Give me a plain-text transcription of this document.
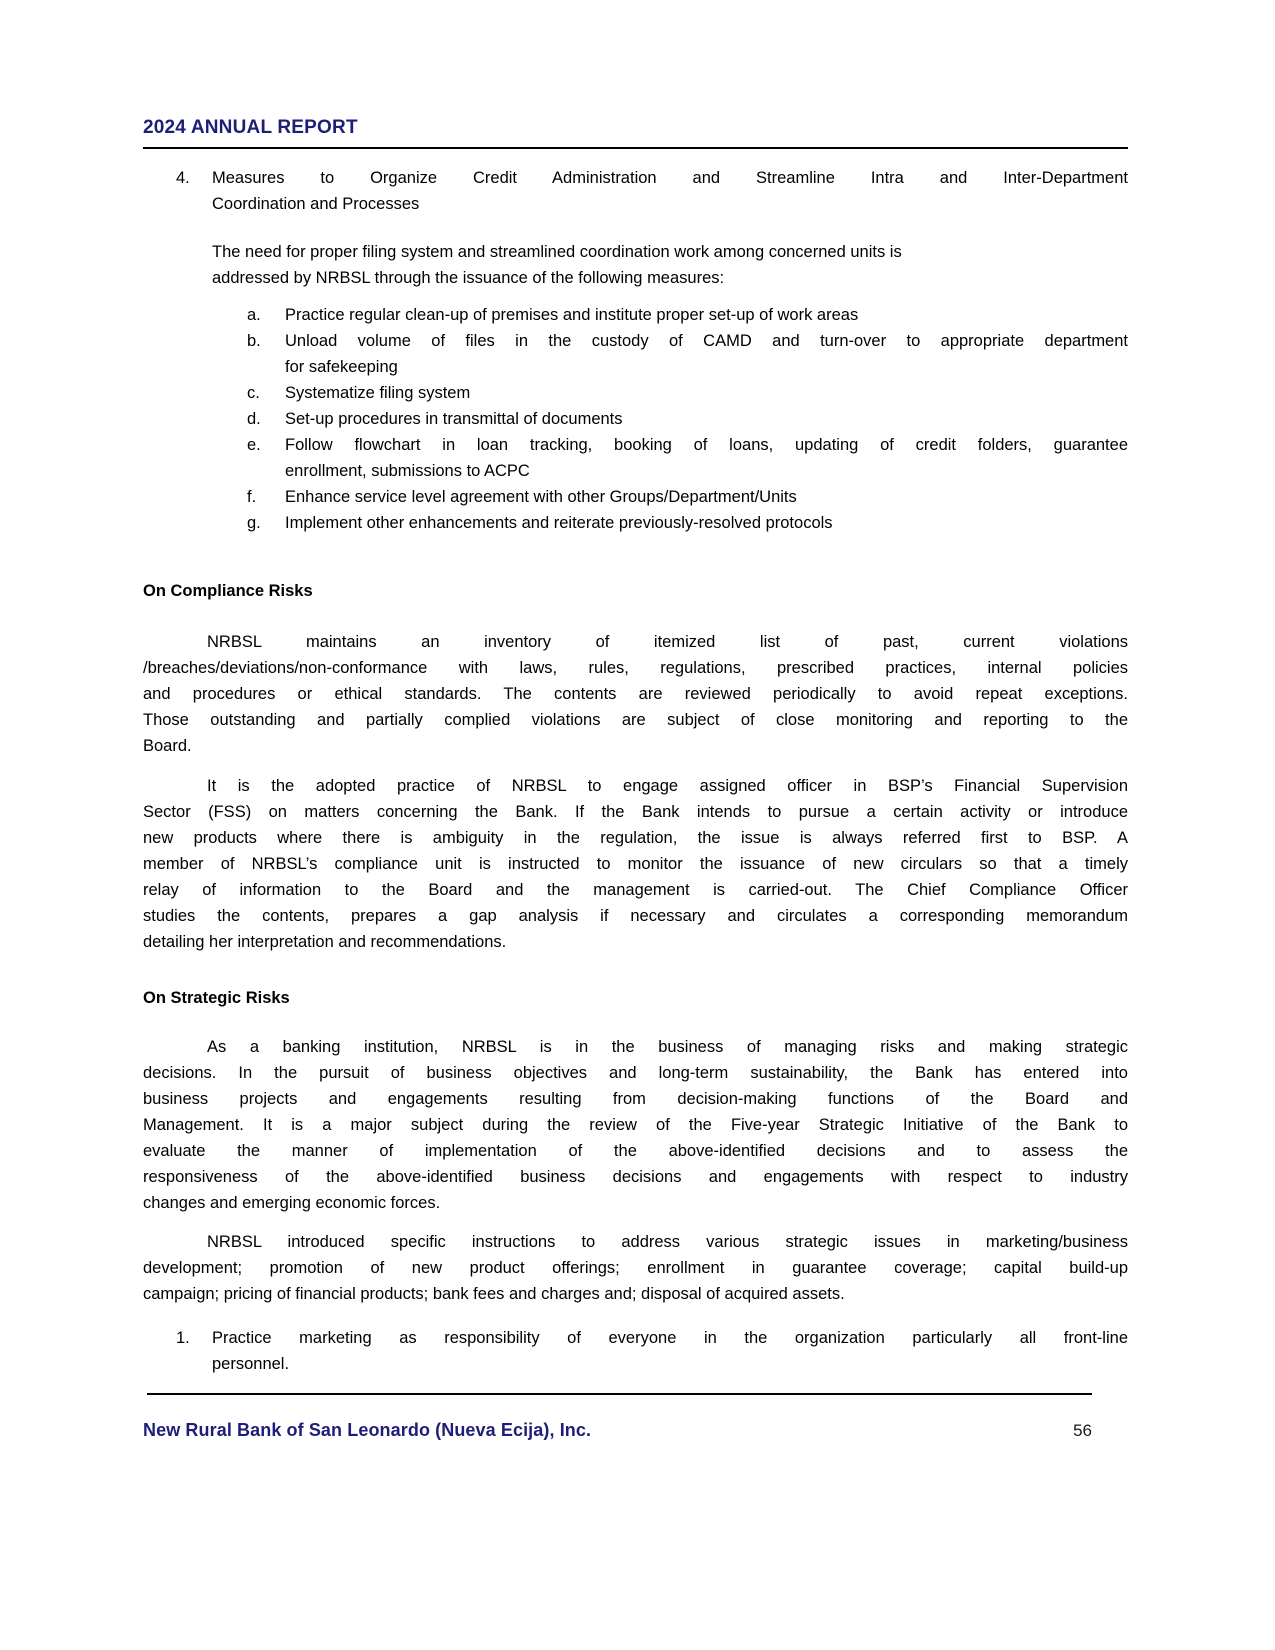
2024 ANNUAL REPORT
4. Measures to Organize Credit Administration and Streamline Intra and Inter-Department
Coordination and Processes
The need for proper filing system and streamlined coordination work among concerned units is
addressed by NRBSL through the issuance of the following measures:
a. Practice regular clean-up of premises and institute proper set-up of work areas
b. Unload volume of files in the custody of CAMD and turn-over to appropriate department
for safekeeping
c. Systematize filing system
d. Set-up procedures in transmittal of documents
e. Follow flowchart in loan tracking, booking of loans, updating of credit folders, guarantee
enrollment, submissions to ACPC
f. Enhance service level agreement with other Groups/Department/Units
g. Implement other enhancements and reiterate previously-resolved protocols
On Compliance Risks
NRBSL maintains an inventory of itemized list of past, current violations
/breaches/deviations/non-conformance with laws, rules, regulations, prescribed practices, internal policies
and procedures or ethical standards. The contents are reviewed periodically to avoid repeat exceptions.
Those outstanding and partially complied violations are subject of close monitoring and reporting to the
Board.
It is the adopted practice of NRBSL to engage assigned officer in BSP’s Financial Supervision
Sector (FSS) on matters concerning the Bank. If the Bank intends to pursue a certain activity or introduce
new products where there is ambiguity in the regulation, the issue is always referred first to BSP. A
member of NRBSL’s compliance unit is instructed to monitor the issuance of new circulars so that a timely
relay of information to the Board and the management is carried-out. The Chief Compliance Officer
studies the contents, prepares a gap analysis if necessary and circulates a corresponding memorandum
detailing her interpretation and recommendations.
On Strategic Risks
As a banking institution, NRBSL is in the business of managing risks and making strategic
decisions. In the pursuit of business objectives and long-term sustainability, the Bank has entered into
business projects and engagements resulting from decision-making functions of the Board and
Management. It is a major subject during the review of the Five-year Strategic Initiative of the Bank to
evaluate the manner of implementation of the above-identified decisions and to assess the
responsiveness of the above-identified business decisions and engagements with respect to industry
changes and emerging economic forces.
NRBSL introduced specific instructions to address various strategic issues in marketing/business
development; promotion of new product offerings; enrollment in guarantee coverage; capital build-up
campaign; pricing of financial products; bank fees and charges and; disposal of acquired assets.
1. Practice marketing as responsibility of everyone in the organization particularly all front-line
personnel.
New Rural Bank of San Leonardo (Nueva Ecija), Inc.	56
